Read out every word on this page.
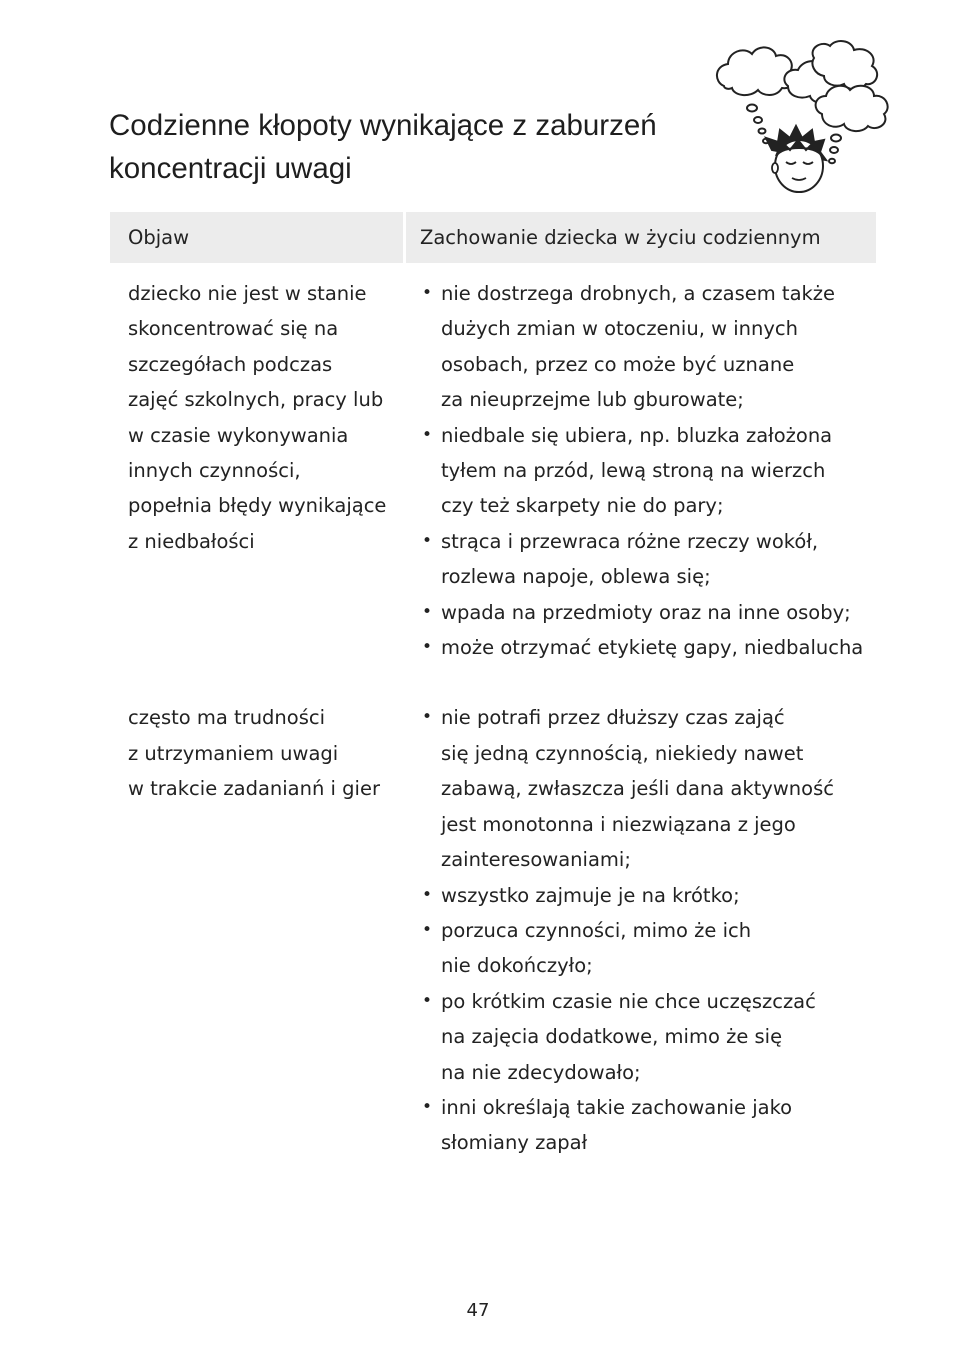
Codzienne kłopoty wynikające z zaburzeń
koncentracji uwagi
Objaw	Zachowanie dziecka w życiu codziennym
dziecko nie jest w stanie
skoncentrować się na
szczegółach podczas
zajęć szkolnych, pracy lub
w czasie wykonywania
innych czynności,
popełnia błędy wynikające
z niedbałości
• nie dostrzega drobnych, a czasem także
dużych zmian w otoczeniu, w innych
osobach, przez co może być uznane
za nieuprzejme lub gburowate;
• niedbale się ubiera, np. bluzka założona
tyłem na przód, lewą stroną na wierzch
czy też skarpety nie do pary;
• strąca i przewraca różne rzeczy wokół,
rozlewa napoje, oblewa się;
• wpada na przedmioty oraz na inne osoby;
• może otrzymać etykietę gapy, niedbalucha
często ma trudności
z utrzymaniem uwagi
w trakcie zadanianń i gier
• nie potrafi przez dłuższy czas zająć
się jedną czynnością, niekiedy nawet
zabawą, zwłaszcza jeśli dana aktywność
jest monotonna i niezwiązana z jego
zainteresowaniami;
• wszystko zajmuje je na krótko;
• porzuca czynności, mimo że ich
nie dokończyło;
• po krótkim czasie nie chce uczęszczać
na zajęcia dodatkowe, mimo że się
na nie zdecydowało;
• inni określają takie zachowanie jako
słomiany zapał
47
